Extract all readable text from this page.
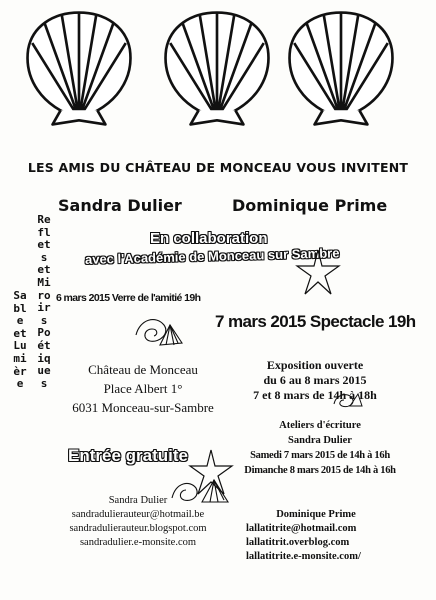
LES AMIS DU CHÂTEAU DE MONCEAU VOUS INVITENT
Sandra Dulier	Dominique Prime
Sable et Lumière
Reflets et Miroirs Poétiques
En collaboration
avec l'Académie de Monceau sur Sambre
6 mars 2015 Verre de l'amitié 19h
7 mars 2015 Spectacle 19h
Château de Monceau
Place Albert 1°
6031 Monceau-sur-Sambre
Exposition ouverte
du 6 au 8 mars 2015
7 et 8 mars de 14h à 18h
Ateliers d'écriture
Sandra Dulier
Samedi 7 mars 2015 de 14h à 16h
Dimanche 8 mars 2015 de 14h à 16h
Entrée gratuite
Sandra Dulier
sandradulierauteur@hotmail.be
sandradulierauteur.blogspot.com
sandradulier.e-monsite.com
Dominique Prime
lallatitrite@hotmail.com
lallatitrit.overblog.com
lallatitrite.e-monsite.com/
